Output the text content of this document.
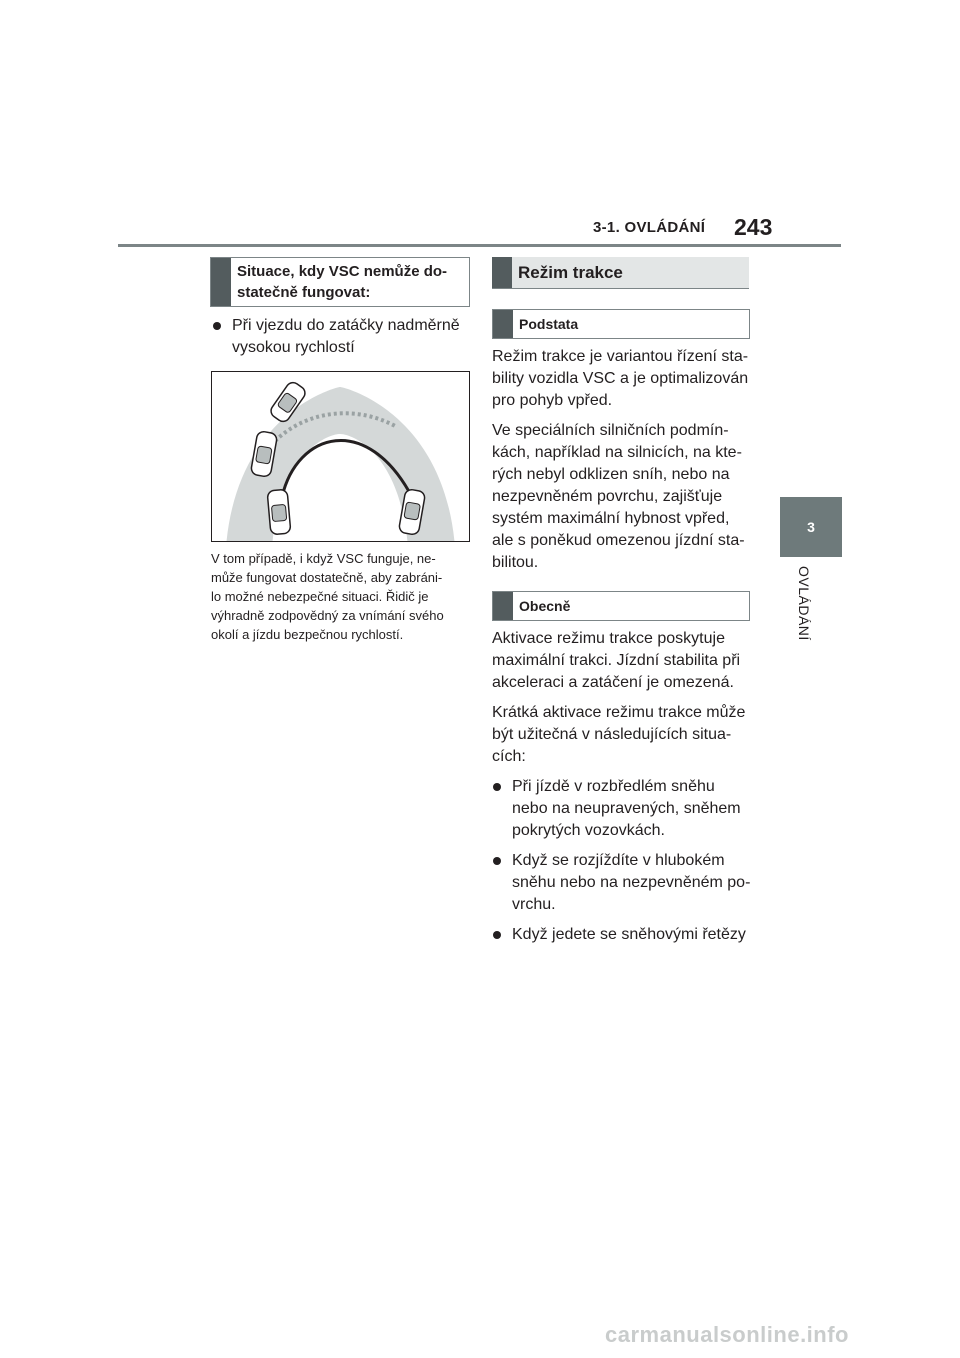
3-1. OVLÁDÁNÍ 243
3
OVLÁDÁNÍ
Situace, kdy VSC nemůže do-
statečně fungovat:
Při vjezdu do zatáčky nadměrně
vysokou rychlostí
V tom případě, i když VSC funguje, ne-
může fungovat dostatečně, aby zabráni-
lo možné nebezpečné situaci. Řidič je
výhradně zodpovědný za vnímání svého
okolí a jízdu bezpečnou rychlostí.
Režim trakce
Podstata

Režim trakce je variantou řízení sta-
bility vozidla VSC a je optimalizován
pro pohyb vpřed.

Ve speciálních silničních podmín-
kách, například na silnicích, na kte-
rých nebyl odklizen sníh, nebo na
nezpevněném povrchu, zajišťuje
systém maximální hybnost vpřed,
ale s poněkud omezenou jízdní sta-
bilitou.

Obecně

Aktivace režimu trakce poskytuje
maximální trakci. Jízdní stabilita při
akceleraci a zatáčení je omezená.

Krátká aktivace režimu trakce může
být užitečná v následujících situa-
cích:

Při jízdě v rozbředlém sněhu
nebo na neupravených, sněhem
pokrytých vozovkách.

Když se rozjíždíte v hlubokém
sněhu nebo na nezpevněném po-
vrchu.

Když jedete se sněhovými řetězy

carmanualsonline.info
